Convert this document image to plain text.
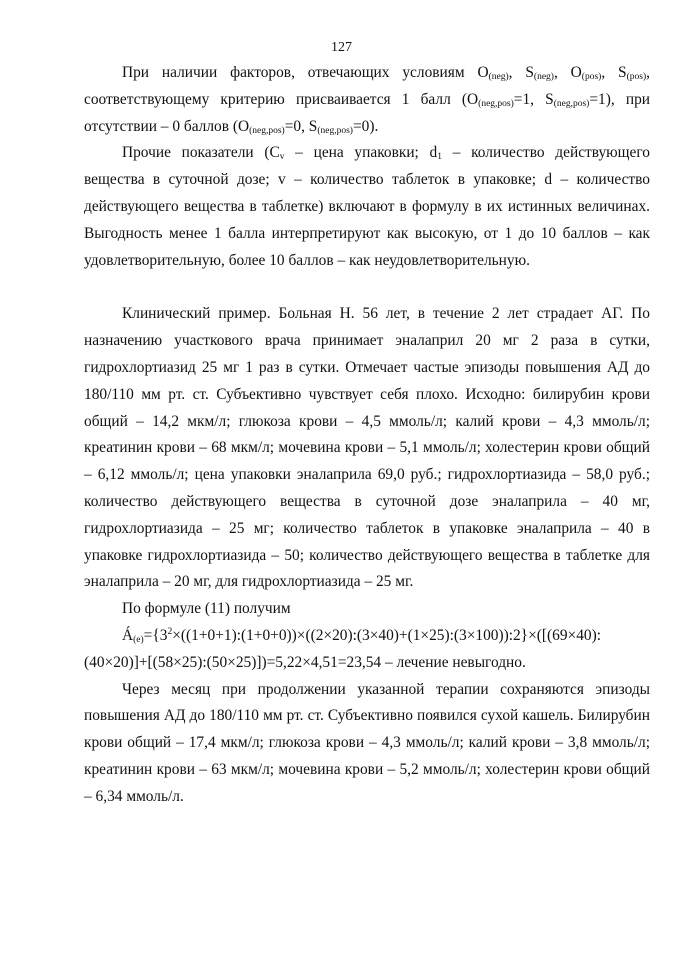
127

При наличии факторов, отвечающих условиям $O_{(neg)}$, $S_{(neg)}$, $O_{(pos)}$, $S_{(pos)}$, соответствующему критерию присваивается 1 балл ($O_{(neg,pos)}=1$, $S_{(neg,pos)}=1$), при отсутствии – 0 баллов ($O_{(neg,pos)}=0$, $S_{(neg,pos)}=0$).

Прочие показатели ($C_v$ – цена упаковки; $d_1$ – количество действующего вещества в суточной дозе; v – количество таблеток в упаковке; d – количество действующего вещества в таблетке) включают в формулу в их истинных величинах. Выгодность менее 1 балла интерпретируют как высокую, от 1 до 10 баллов – как удовлетворительную, более 10 баллов – как неудовлетворительную.

Клинический пример. Больная Н. 56 лет, в течение 2 лет страдает АГ. По назначению участкового врача принимает эналаприл 20 мг 2 раза в сутки, гидрохлортиазид 25 мг 1 раз в сутки. Отмечает частые эпизоды повышения АД до 180/110 мм рт. ст. Субъективно чувствует себя плохо. Исходно: билирубин крови общий – 14,2 мкм/л; глюкоза крови – 4,5 ммоль/л; калий крови – 4,3 ммоль/л; креатинин крови – 68 мкм/л; мочевина крови – 5,1 ммоль/л; холестерин крови общий – 6,12 ммоль/л; цена упаковки эналаприла 69,0 руб.; гидрохлортиазида – 58,0 руб.; количество действующего вещества в суточной дозе эналаприла – 40 мг, гидрохлортиазида – 25 мг; количество таблеток в упаковке эналаприла – 40 в упаковке гидрохлортиазида – 50; количество действующего вещества в таблетке для эналаприла – 20 мг, для гидрохлортиазида – 25 мг.

По формуле (11) получим

$Á_{(e)}=\{3^2\times((1+0+1):(1+0+0))\times((2\times 20):(3\times 40)+(1\times 25):(3\times 100)):2\}\times([(69\times 40):(40\times 20)]+[(58\times 25):(50\times 25)])=5,22\times 4,51=23,54$ – лечение невыгодно.

Через месяц при продолжении указанной терапии сохраняются эпизоды повышения АД до 180/110 мм рт. ст. Субъективно появился сухой кашель. Билирубин крови общий – 17,4 мкм/л; глюкоза крови – 4,3 ммоль/л; калий крови – 3,8 ммоль/л; креатинин крови – 63 мкм/л; мочевина крови – 5,2 ммоль/л; холестерин крови общий – 6,34 ммоль/л.
